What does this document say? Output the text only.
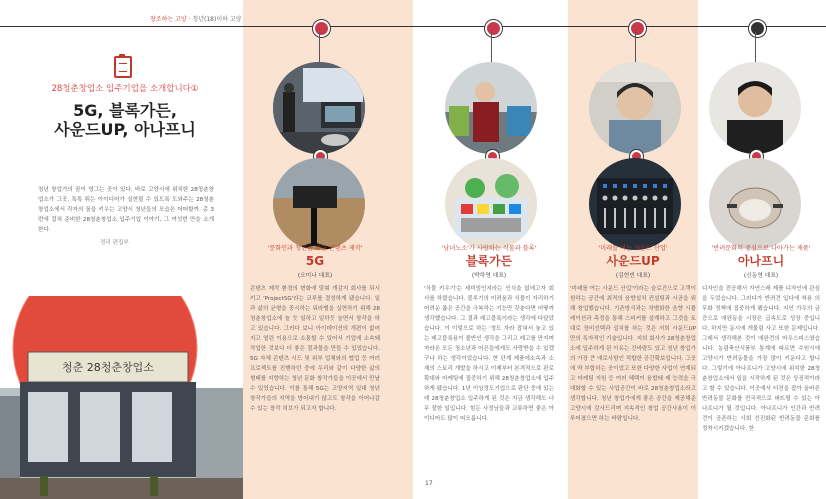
창조하는 고양 · 청년(18)이하 고양
28청춘창업소 입주기업을 소개합니다①
5G, 블록가든,
사운드UP, 아나프니
청년 창업가의 꿈이 영그는 곳이 있다. 바로 고양시에 위치한 28청춘창업소가 그곳. 톡톡 튀는 아이디어가 실현될 수 있도록 도와주는 28청춘창업소에서 각자의 꿈을 키우는 고양시 청년들의 모습은 어떠할까. 총 3번에 걸쳐 준비한 28청춘창업소 입주기업 이야기, 그 여섯번 만을 소개한다.
정리 편집부
청춘 28청춘창업소
'문화인과 청년을 위한 콘텐츠 제작'
5G
(오미나 대표)
콘텐츠 제작 환경의 변화에 맞춰 개감지 회사를 되시키고 'ProjectSG'라는 코루를 결성하게 됐습니다. 일과 삶의 균형을 중시하는 워라밸을 실현하기 위해 28청춘창업소에 놀 듯 일하고 일하듯 놀면서 창작을 하고 있습니다. 그러다 보니 아이데이션의 개편이 없어지고 열린 이용으로 소통할 수 있어서 기업에 소속돼 작업한 것보다 더 좋은 결과물을 만들 수 있었습니다. 5G 자체 콘텐츠 시드 및 위부 업체와의 협업 등 여러 프로젝트를 진행하던 중에 우리와 같이 다양한 삶의 형태를 지향하는 청년 문화 창작가들을 이곳에서 만날 수 있었습니다. 이를 통해 5G는 고양지역 일대 청년 창작가들의 지역을 방어내기 않고도 창작을 이어나갈 수 있는 창작 허브가 되고자 합니다.
'남녀노소'가 사랑하는 식물과 블록'
블록가든
(박하영 대표)
'식물 키우기'는 세미엄인지라는 인식을 없애고자 회사를 차렸습니다. 블루기의 어려움과 식물이 자리하기 어려운 좁은 공간을 극복하는 기능만 갖춘다면 어떻까 생각했습니다. 그 결과 레고블록이라는 생각에 다달았습니다. 이 이렇으로 하는 '정도 자라 잡혀서 놓고 있는 레고블록용이 볼반인 생각을 그리고 레고를 만지며 자라온 모든 청소년과 어른들에게도 사랑받을 수 있겠구나 하는 생각이었습니다. 현 단계 제품에소속과 소재의 스토리 개발을 하시고 이제부터 본격적으로 판로확대와 마케팅에 집중하기 위해 28청춘창업소에 입주하게 됐습니다. 1년 이상정도기업으로 판단 중에 있는데 28청춘창업소 입주하게 된 것은 지금 생각해도 너무 잘한 일입니다. 힘든 사정님들과 교류하면 좋은 아이디어도 많이 떠오릅니다.
'미래를 여는 사운드 산업'
사운드UP
(김현빈 대표)
'미래를 여는 사운드 산업'이라는 슬로건으로 고객이 원하는 공간에 최적의 음향설치 컨설팅과 시공을 위해 창업했습니다. 기존방식과는 차별화한 음향 시뮬레이션과 측정을 통해 스피커를 설계하고 그것을 토대로 장비선택과 설치를 하는 것은 저희 사운드UP만의 특자적인 기술입니다. 저희 회사가 28청춘창업소에 입주하게 된 이유는 건바람도 있고 청년 창업가의 가장 큰 애로사항인 적합한 공간확보입니다. 그곳에 딱 부합하는 곳이었고 또한 다양한 사업이 연계되고 마케팅 지원 등 여러 혜택이 융합돼 제 능력을 극대화할 수 있는 사업공간이 바로 28청춘창업소라고 생각합니다. 청년 창업가에게 좋은 공간을 제공해준 고양시에 감사드리며 지속적인 창업 공간사용이 이루어졌으면 하는 바람입니다.
'반려문화의 중심으로 나아가는 제품'
아나프니
(신동영 대표)
디자인을 전공해서 자연스레 제품 디자인에 관심을 두었습니다. 그러다가 반려견 입다에 착용 의무화 정책에 집중하게 됐습니다. 지인 가우의 금증으로 애완동을 시장은 급속도로 성장 중입니다. 하지만 동시에 개물림 사고 또한 문제입니다. 그래서 생각해본 것이 애완견의 마우스피스였습니다. 농림축산식품부 통계에 따르면 수원시에 고양시가 반려동물을 가장 많이 키운다고 합니다. 그렇기에 아나프니가 고양시에 위치한 28청춘창업소에서 일을 시작하게 된 것은 상징적이라고 할 수 있습니다. 이곳에서 터전을 잡아 올바른 반려동물 문화를 전국적으로 퍼뜨릴 수 있는 아나프니가 될 것입니다. 아나프니가 인간과 반려견이 공존하는 사회 선진화된 반려동물 문화를 정착시키겠습니다. 한
17
